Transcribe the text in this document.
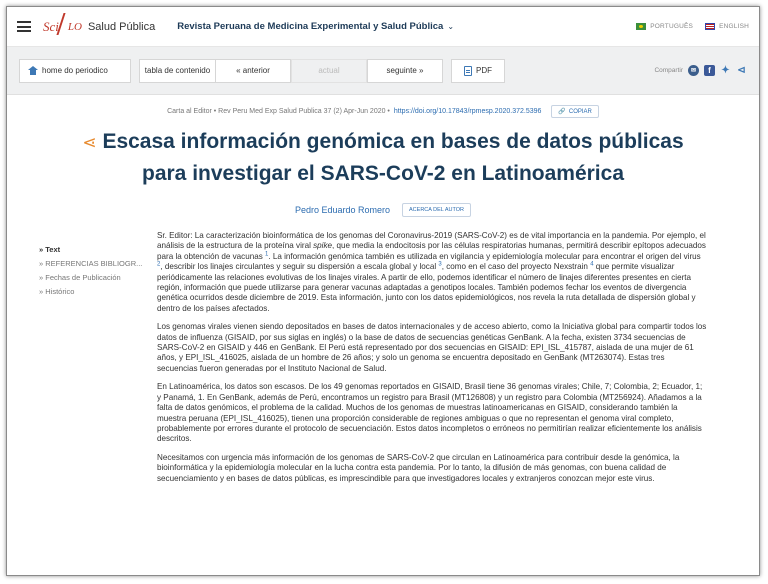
Sci LO Salud Pública Revista Peruana de Medicina Experimental y Salud Pública ⌄	PORTUGUÊS	ENGLISH
home do periodico	tabla de contenido	« anterior	actual	seguinte »	PDF	Compartir	✉	f	✦ ⊲
Carta al Editor • Rev Peru Med Exp Salud Publica 37 (2) Apr-Jun 2020 • https://doi.org/10.17843/rpmesp.2020.372.5396	🔗 COPIAR
⋖ Escasa información genómica en bases de datos públicas
para investigar el SARS-CoV-2 en Latinoamérica
Pedro Eduardo Romero	ACERCA DEL AUTOR
» Text
» REFERENCIAS BIBLIOGR...
» Fechas de Publicación
» Histórico

Sr. Editor: La caracterización bioinformática de los genomas del Coronavirus-2019 (SARS-CoV-2) es de vital importancia en la pandemia. Por ejemplo, el análisis de la estructura de la proteína viral spike, que media la endocitosis por las células respiratorias humanas, permitirá describir epítopos adecuados para la obtención de vacunas $^1$. La información genómica también es utilizada en vigilancia y epidemiología molecular para encontrar el origen del virus $^2$, describir los linajes circulantes y seguir su dispersión a escala global y local $^3$, como en el caso del proyecto Nexstrain $^4$ que permite visualizar periódicamente las relaciones evolutivas de los linajes virales. A partir de ello, podemos identificar el número de linajes diferentes presentes en cierta región, información que puede utilizarse para generar vacunas adaptadas a genotipos locales. También podemos fechar los eventos de divergencia genética ocurridos desde diciembre de 2019. Esta información, junto con los datos epidemiológicos, nos revela la ruta detallada de dispersión global y dentro de los países afectados.

Los genomas virales vienen siendo depositados en bases de datos internacionales y de acceso abierto, como la Iniciativa global para compartir todos los datos de influenza (GISAID, por sus siglas en inglés) o la base de datos de secuencias genéticas GenBank. A la fecha, existen 3734 secuencias de SARS-CoV-2 en GISAID y 446 en GenBank. El Perú está representado por dos secuencias en GISAID: EPI_ISL_415787, aislada de una mujer de 61 años, y EPI_ISL_416025, aislada de un hombre de 26 años; y solo un genoma se encuentra depositado en GenBank (MT263074). Estas tres secuencias fueron generadas por el Instituto Nacional de Salud.

En Latinoamérica, los datos son escasos. De los 49 genomas reportados en GISAID, Brasil tiene 36 genomas virales; Chile, 7; Colombia, 2; Ecuador, 1; y Panamá, 1. En GenBank, además de Perú, encontramos un registro para Brasil (MT126808) y un registro para Colombia (MT256924). Añadamos a la falta de datos genómicos, el problema de la calidad. Muchos de los genomas de muestras latinoamericanas en GISAID, considerando también la muestra peruana (EPI_ISL_416025), tienen una proporción considerable de regiones ambiguas o que no representan el genoma viral completo, probablemente por errores durante el protocolo de secuenciación. Estos datos incompletos o erróneos no permitirían realizar eficientemente los análisis descritos.

Necesitamos con urgencia más información de los genomas de SARS-CoV-2 que circulan en Latinoamérica para contribuir desde la genómica, la bioinformática y la epidemiología molecular en la lucha contra esta pandemia. Por lo tanto, la difusión de más genomas, con buena calidad de secuenciamiento y en bases de datos públicas, es imprescindible para que investigadores locales y extranjeros conozcan mejor este virus.
